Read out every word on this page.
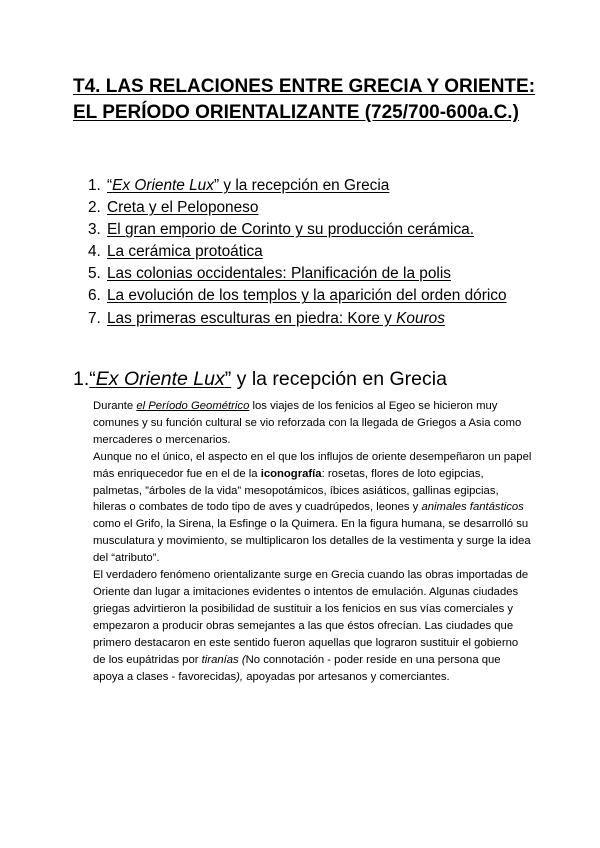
T4. LAS RELACIONES ENTRE GRECIA Y ORIENTE: EL PERÍODO ORIENTALIZANTE (725/700-600a.C.)
1. “Ex Oriente Lux” y la recepción en Grecia
2. Creta y el Peloponeso
3. El gran emporio de Corinto y su producción cerámica.
4. La cerámica protoática
5. Las colonias occidentales: Planificación de la polis
6. La evolución de los templos y la aparición del orden dórico
7. Las primeras esculturas en piedra: Kore y Kouros
1.“Ex Oriente Lux” y la recepción en Grecia

Durante el Período Geométrico los viajes de los fenicios al Egeo se hicieron muy comunes y su función cultural se vio reforzada con la llegada de Griegos a Asia como mercaderes o mercenarios.

Aunque no el único, el aspecto en el que los influjos de oriente desempeñaron un papel más enriquecedor fue en el de la iconografía: rosetas, flores de loto egipcias, palmetas, ”árboles de la vida” mesopotámicos, íbices asiáticos, gallinas egipcias, hileras o combates de todo tipo de aves y cuadrúpedos, leones y animales fantásticos como el Grifo, la Sirena, la Esfinge o la Quimera. En la figura humana, se desarrolló su musculatura y movimiento, se multiplicaron los detalles de la vestimenta y surge la idea del “atributo”.

El verdadero fenómeno orientalizante surge en Grecia cuando las obras importadas de Oriente dan lugar a imitaciones evidentes o intentos de emulación. Algunas ciudades griegas advirtieron la posibilidad de sustituir a los fenicios en sus vías comerciales y empezaron a producir obras semejantes a las que éstos ofrecían. Las ciudades que primero destacaron en este sentido fueron aquellas que lograron sustituir el gobierno de los eupátridas por tiranías (No connotación - poder reside en una persona que apoya a clases - favorecidas), apoyadas por artesanos y comerciantes.
